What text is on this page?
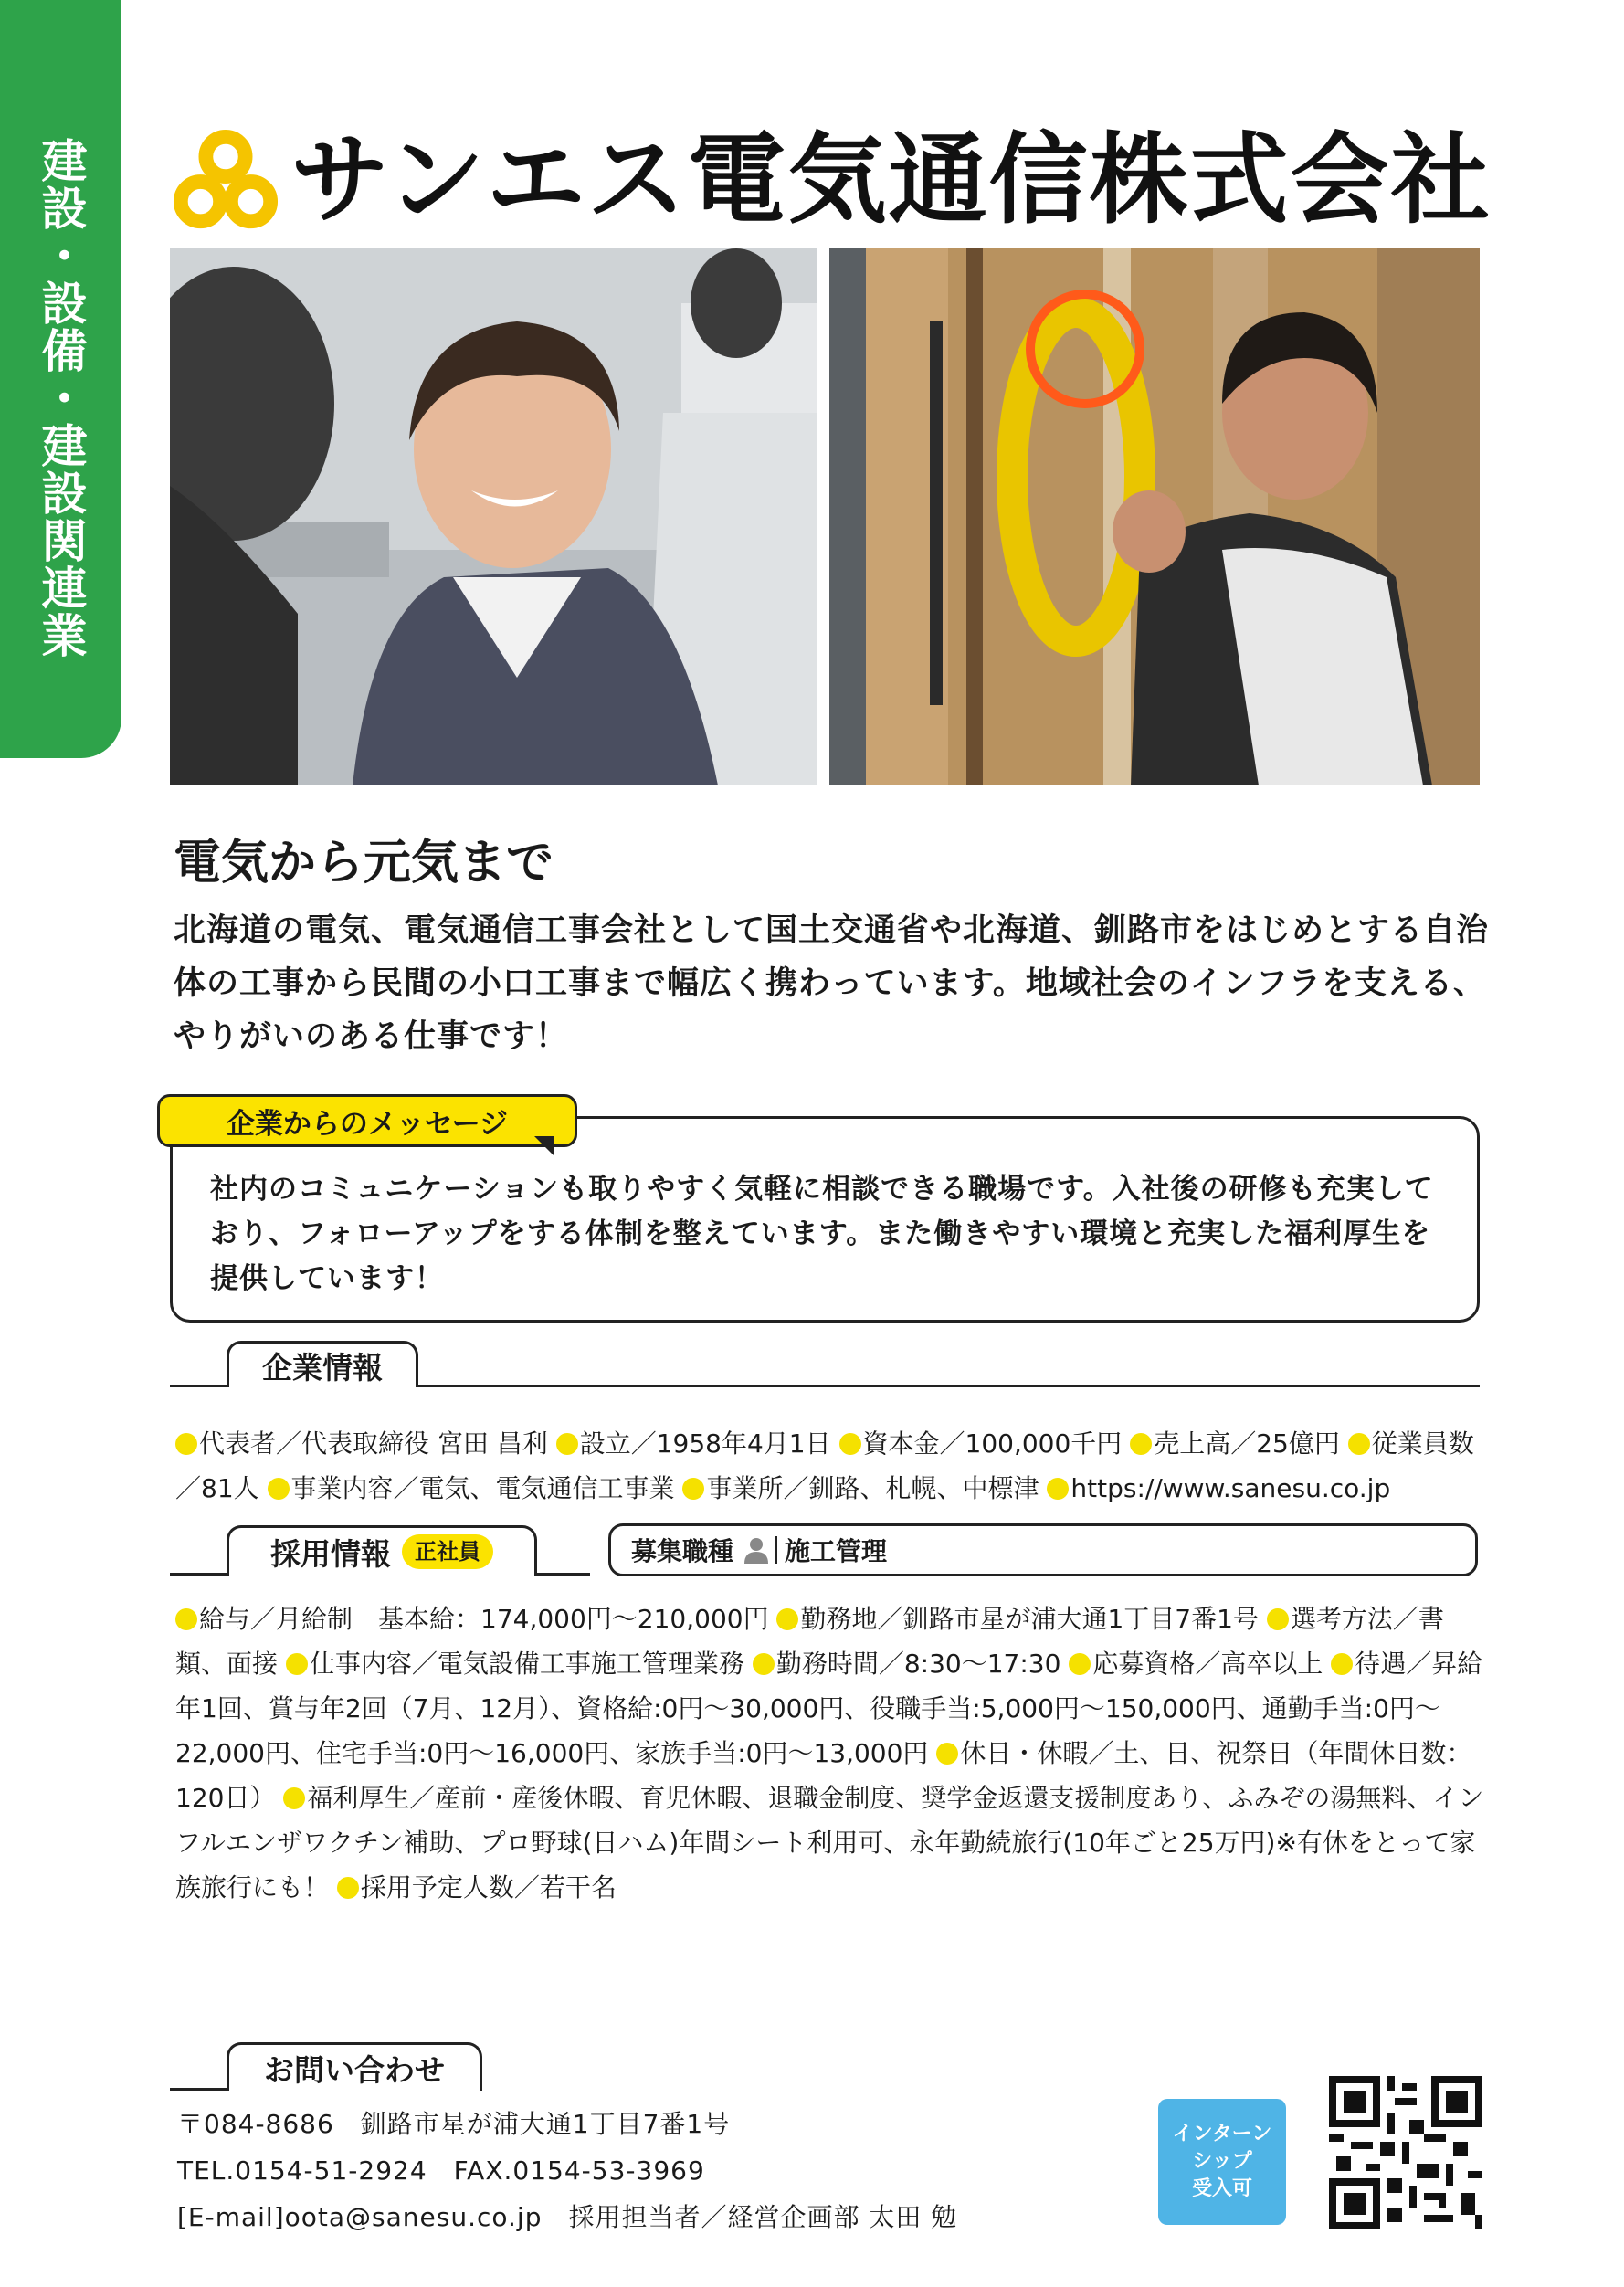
建設・設備・建設関連業	サンエス電気通信株式会社
電気から元気まで
北海道の電気、電気通信工事会社として国土交通省や北海道、釧路市をはじめとする自治体の工事から民間の小口工事まで幅広く携わっています。地域社会のインフラを支える、やりがいのある仕事です！
企業からのメッセージ
社内のコミュニケーションも取りやすく気軽に相談できる職場です。入社後の研修も充実しており、フォローアップをする体制を整えています。また働きやすい環境と充実した福利厚生を提供しています！
企業情報
代表者／代表取締役 宮田 昌利 設立／1958年4月1日 資本金／100,000千円 売上高／25億円 従業員数／81人 事業内容／電気、電気通信工事業 事業所／釧路、札幌、中標津 https://www.sanesu.co.jp
採用情報	正社員	募集職種 施工管理
給与／月給制　基本給：174,000円～210,000円 勤務地／釧路市星が浦大通1丁目7番1号 選考方法／書類、面接 仕事内容／電気設備工事施工管理業務 勤務時間／8:30～17:30 応募資格／高卒以上 待遇／昇給年1回、賞与年2回（7月、12月）、資格給:0円～30,000円、役職手当:5,000円～150,000円、通勤手当:0円～22,000円、住宅手当:0円～16,000円、家族手当:0円～13,000円 休日・休暇／土、日、祝祭日（年間休日数：120日） 福利厚生／産前・産後休暇、育児休暇、退職金制度、奨学金返還支援制度あり、ふみぞの湯無料、インフルエンザワクチン補助、プロ野球(日ハム)年間シート利用可、永年勤続旅行(10年ごと25万円)※有休をとって家族旅行にも！ 採用予定人数／若干名
お問い合わせ
〒084-8686　釧路市星が浦大通1丁目7番1号
TEL.0154-51-2924　FAX.0154-53-3969
[E-mail]oota@sanesu.co.jp　採用担当者／経営企画部 太田 勉
インターン
シップ
受入可
